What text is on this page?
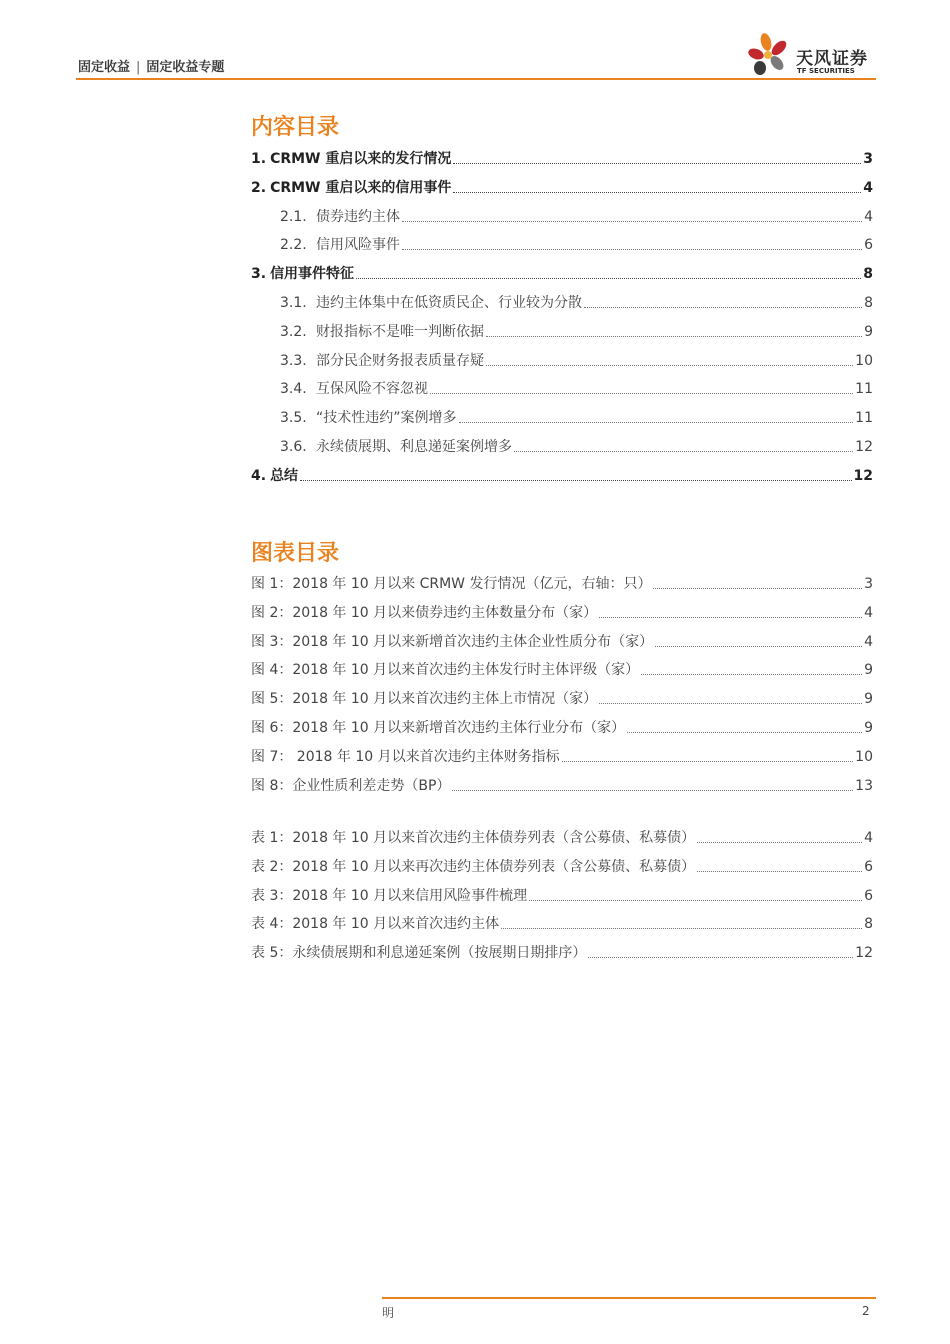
固定收益 | 固定收益专题	天风证券
TF SECURITIES
内容目录
1. CRMW 重启以来的发行情况	3
2. CRMW 重启以来的信用事件	4
2.1. 债券违约主体	4
2.2. 信用风险事件	6
3. 信用事件特征	8
3.1. 违约主体集中在低资质民企、行业较为分散	8
3.2. 财报指标不是唯一判断依据	9
3.3. 部分民企财务报表质量存疑	10
3.4. 互保风险不容忽视	11
3.5. “技术性违约”案例增多	11
3.6. 永续债展期、利息递延案例增多	12
4. 总结	12
图表目录
图 1：2018 年 10 月以来 CRMW 发行情况（亿元，右轴：只）	3
图 2：2018 年 10 月以来债券违约主体数量分布（家）	4
图 3：2018 年 10 月以来新增首次违约主体企业性质分布（家）	4
图 4：2018 年 10 月以来首次违约主体发行时主体评级（家）	9
图 5：2018 年 10 月以来首次违约主体上市情况（家）	9
图 6：2018 年 10 月以来新增首次违约主体行业分布（家）	9
图 7： 2018 年 10 月以来首次违约主体财务指标	10
图 8：企业性质利差走势（BP）	13
表 1：2018 年 10 月以来首次违约主体债券列表（含公募债、私募债）	4
表 2：2018 年 10 月以来再次违约主体债券列表（含公募债、私募债）	6
表 3：2018 年 10 月以来信用风险事件梳理	6
表 4：2018 年 10 月以来首次违约主体	8
表 5：永续债展期和利息递延案例（按展期日期排序）	12
明	2
